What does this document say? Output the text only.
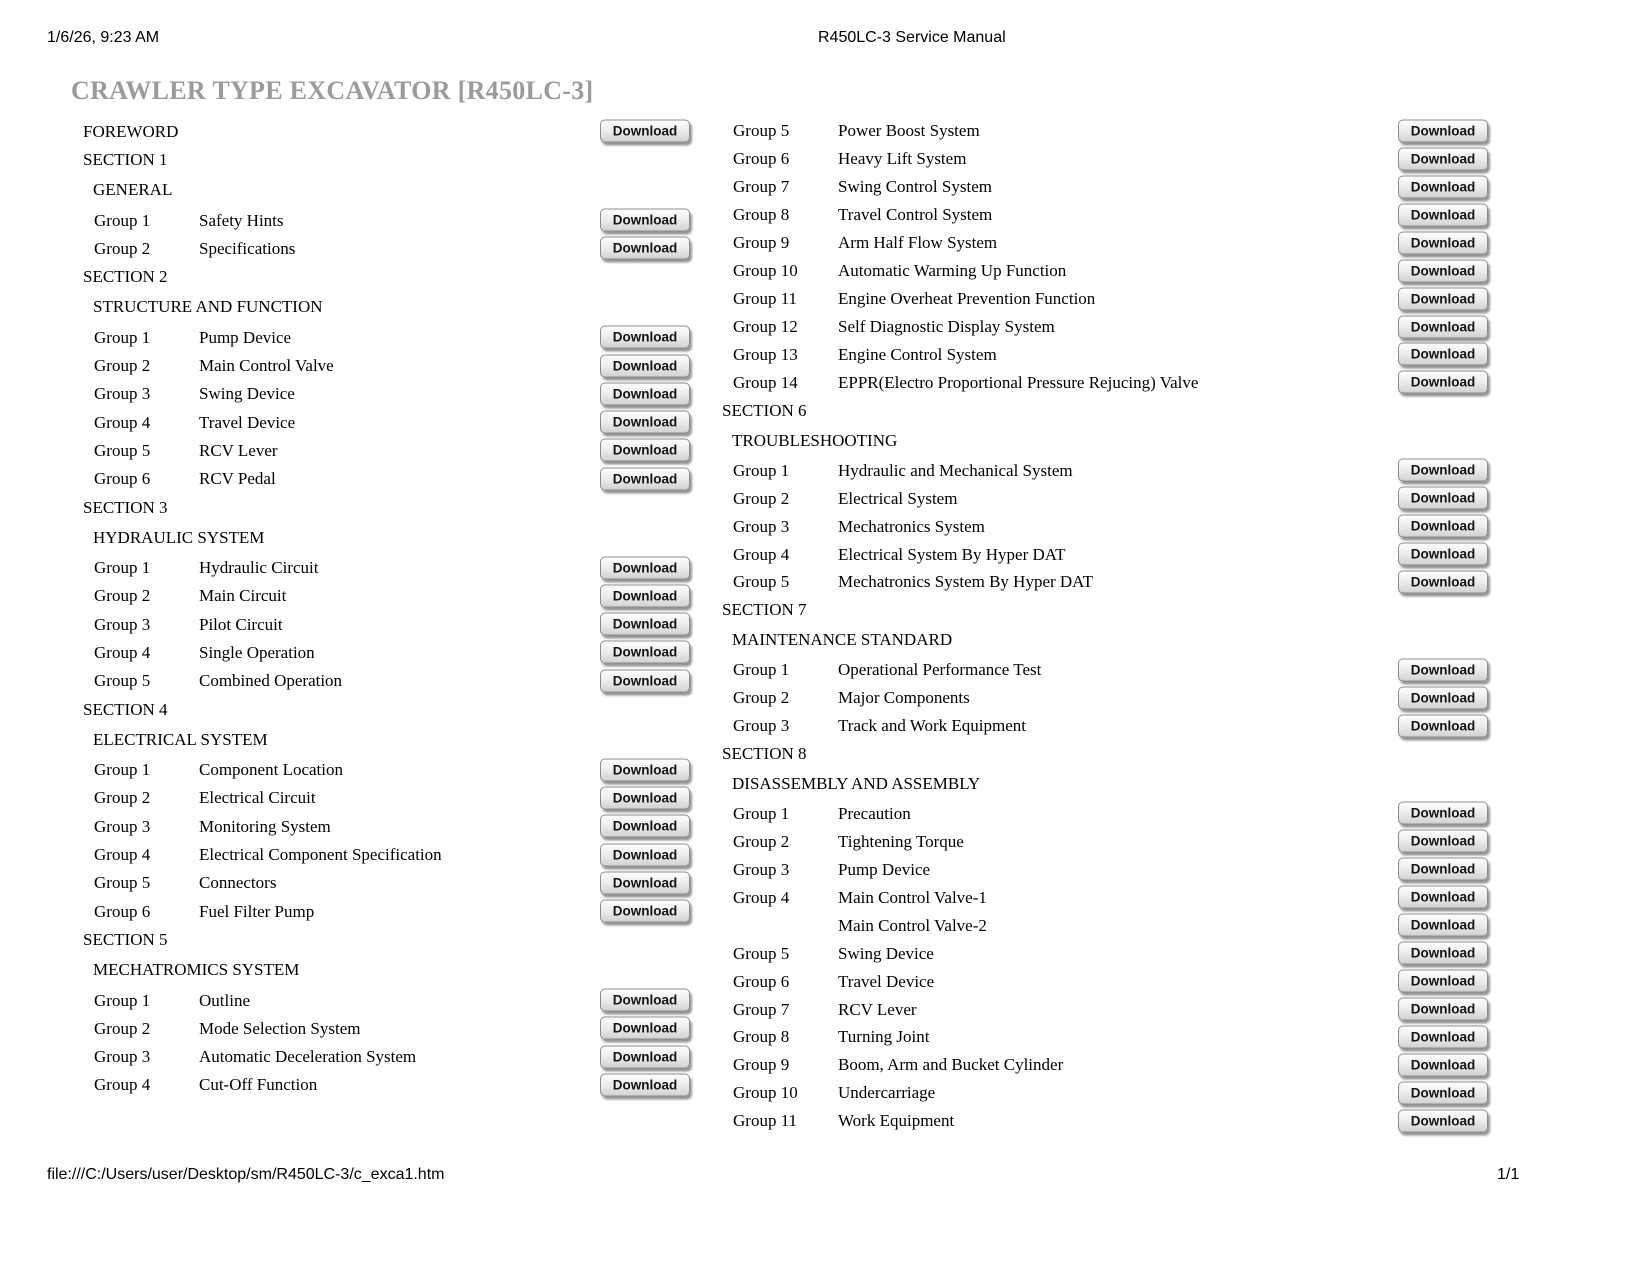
1/6/26, 9:23 AM	R450LC-3 Service Manual
CRAWLER TYPE EXCAVATOR [R450LC-3]
FOREWORD	Download
SECTION 1
GENERAL
Group 1	Safety Hints	Download
Group 2	Specifications	Download
SECTION 2
STRUCTURE AND FUNCTION
Group 1	Pump Device	Download
Group 2	Main Control Valve	Download
Group 3	Swing Device	Download
Group 4	Travel Device	Download
Group 5	RCV Lever	Download
Group 6	RCV Pedal	Download
SECTION 3
HYDRAULIC SYSTEM
Group 1	Hydraulic Circuit	Download
Group 2	Main Circuit	Download
Group 3	Pilot Circuit	Download
Group 4	Single Operation	Download
Group 5	Combined Operation	Download
SECTION 4
ELECTRICAL SYSTEM
Group 1	Component Location	Download
Group 2	Electrical Circuit	Download
Group 3	Monitoring System	Download
Group 4	Electrical Component Specification	Download
Group 5	Connectors	Download
Group 6	Fuel Filter Pump	Download
SECTION 5
MECHATROMICS SYSTEM
Group 1	Outline	Download
Group 2	Mode Selection System	Download
Group 3	Automatic Deceleration System	Download
Group 4	Cut-Off Function	Download
Group 5	Power Boost System	Download
Group 6	Heavy Lift System	Download
Group 7	Swing Control System	Download
Group 8	Travel Control System	Download
Group 9	Arm Half Flow System	Download
Group 10	Automatic Warming Up Function	Download
Group 11	Engine Overheat Prevention Function	Download
Group 12	Self Diagnostic Display System	Download
Group 13	Engine Control System	Download
Group 14	EPPR(Electro Proportional Pressure Rejucing) Valve	Download
SECTION 6
TROUBLESHOOTING
Group 1	Hydraulic and Mechanical System	Download
Group 2	Electrical System	Download
Group 3	Mechatronics System	Download
Group 4	Electrical System By Hyper DAT	Download
Group 5	Mechatronics System By Hyper DAT	Download
SECTION 7
MAINTENANCE STANDARD
Group 1	Operational Performance Test	Download
Group 2	Major Components	Download
Group 3	Track and Work Equipment	Download
SECTION 8
DISASSEMBLY AND ASSEMBLY
Group 1	Precaution	Download
Group 2	Tightening Torque	Download
Group 3	Pump Device	Download
Group 4	Main Control Valve-1	Download
Main Control Valve-2	Download
Group 5	Swing Device	Download
Group 6	Travel Device	Download
Group 7	RCV Lever	Download
Group 8	Turning Joint	Download
Group 9	Boom, Arm and Bucket Cylinder	Download
Group 10	Undercarriage	Download
Group 11	Work Equipment	Download
file:///C:/Users/user/Desktop/sm/R450LC-3/c_exca1.htm	1/1
